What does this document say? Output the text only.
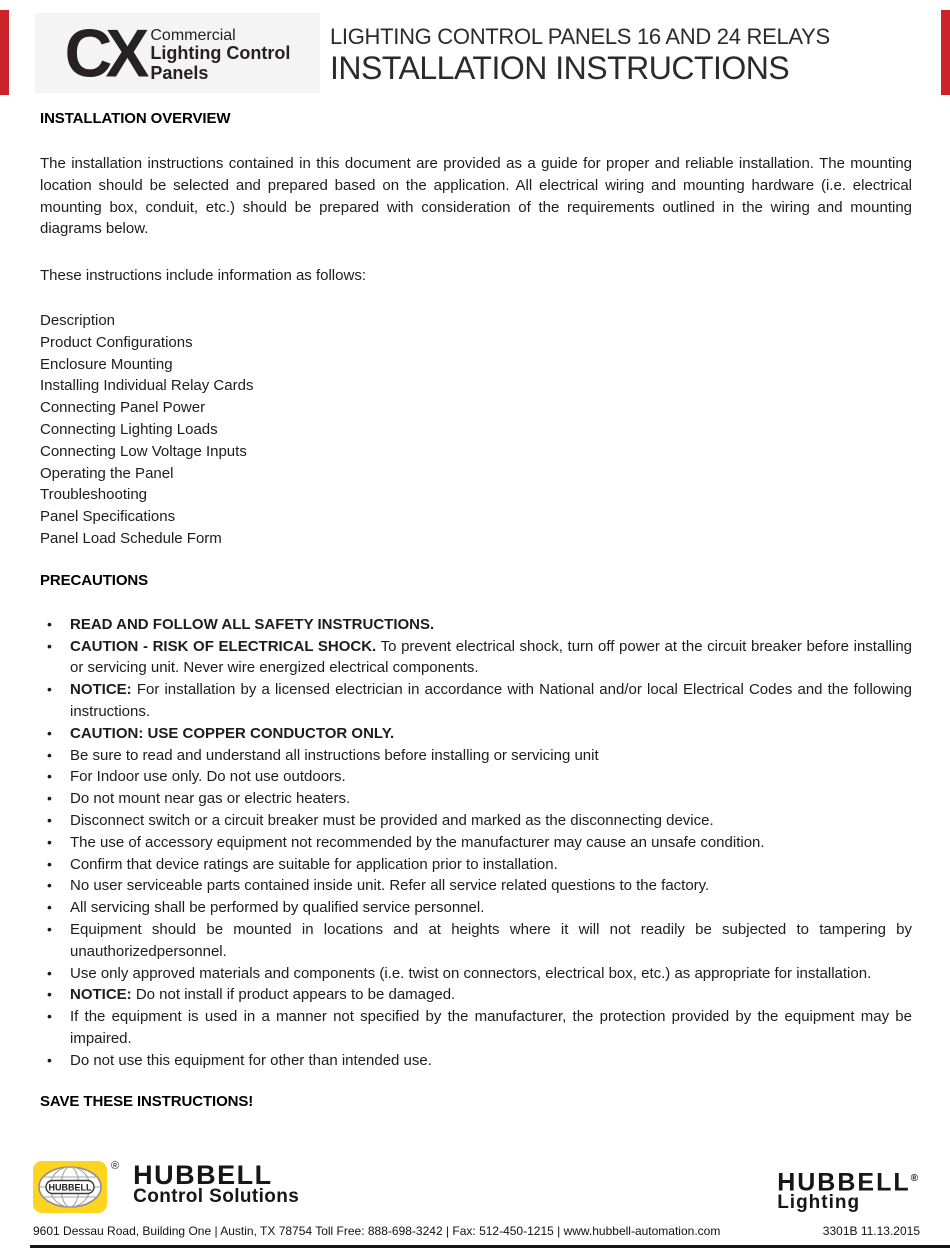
CX Commercial
Lighting Control
Panels
LIGHTING CONTROL PANELS 16 AND 24 RELAYS
INSTALLATION INSTRUCTIONS
INSTALLATION OVERVIEW

The installation instructions contained in this document are provided as a guide for proper and reliable installation. The mounting location should be selected and prepared based on the application. All electrical wiring and mounting hardware (i.e. electrical mounting box, conduit, etc.) should be prepared with consideration of the requirements outlined in the wiring and mounting diagrams below.

These instructions include information as follows:

Description
Product Configurations
Enclosure Mounting
Installing Individual Relay Cards
Connecting Panel Power
Connecting Lighting Loads
Connecting Low Voltage Inputs
Operating the Panel
Troubleshooting
Panel Specifications
Panel Load Schedule Form
PRECAUTIONS
• READ AND FOLLOW ALL SAFETY INSTRUCTIONS.
• CAUTION - RISK OF ELECTRICAL SHOCK. To prevent electrical shock, turn off power at the circuit breaker before installing or servicing unit. Never wire energized electrical components.
• NOTICE: For installation by a licensed electrician in accordance with National and/or local Electrical Codes and the following instructions.
• CAUTION: USE COPPER CONDUCTOR ONLY.
• Be sure to read and understand all instructions before installing or servicing unit
• For Indoor use only. Do not use outdoors.
• Do not mount near gas or electric heaters.
• Disconnect switch or a circuit breaker must be provided and marked as the disconnecting device.
• The use of accessory equipment not recommended by the manufacturer may cause an unsafe condition.
• Confirm that device ratings are suitable for application prior to installation.
• No user serviceable parts contained inside unit. Refer all service related questions to the factory.
• All servicing shall be performed by qualified service personnel.
• Equipment should be mounted in locations and at heights where it will not readily be subjected to tampering by unauthorizedpersonnel.
• Use only approved materials and components (i.e. twist on connectors, electrical box, etc.) as appropriate for installation.
• NOTICE: Do not install if product appears to be damaged.
• If the equipment is used in a manner not specified by the manufacturer, the protection provided by the equipment may be impaired.
• Do not use this equipment for other than intended use.
SAVE THESE INSTRUCTIONS!
HUBBELL
® HUBBELL
Control Solutions
HUBBELL®
Lighting
9601 Dessau Road, Building One | Austin, TX 78754 Toll Free: 888-698-3242 | Fax: 512-450-1215 | www.hubbell-automation.com	3301B 11.13.2015
